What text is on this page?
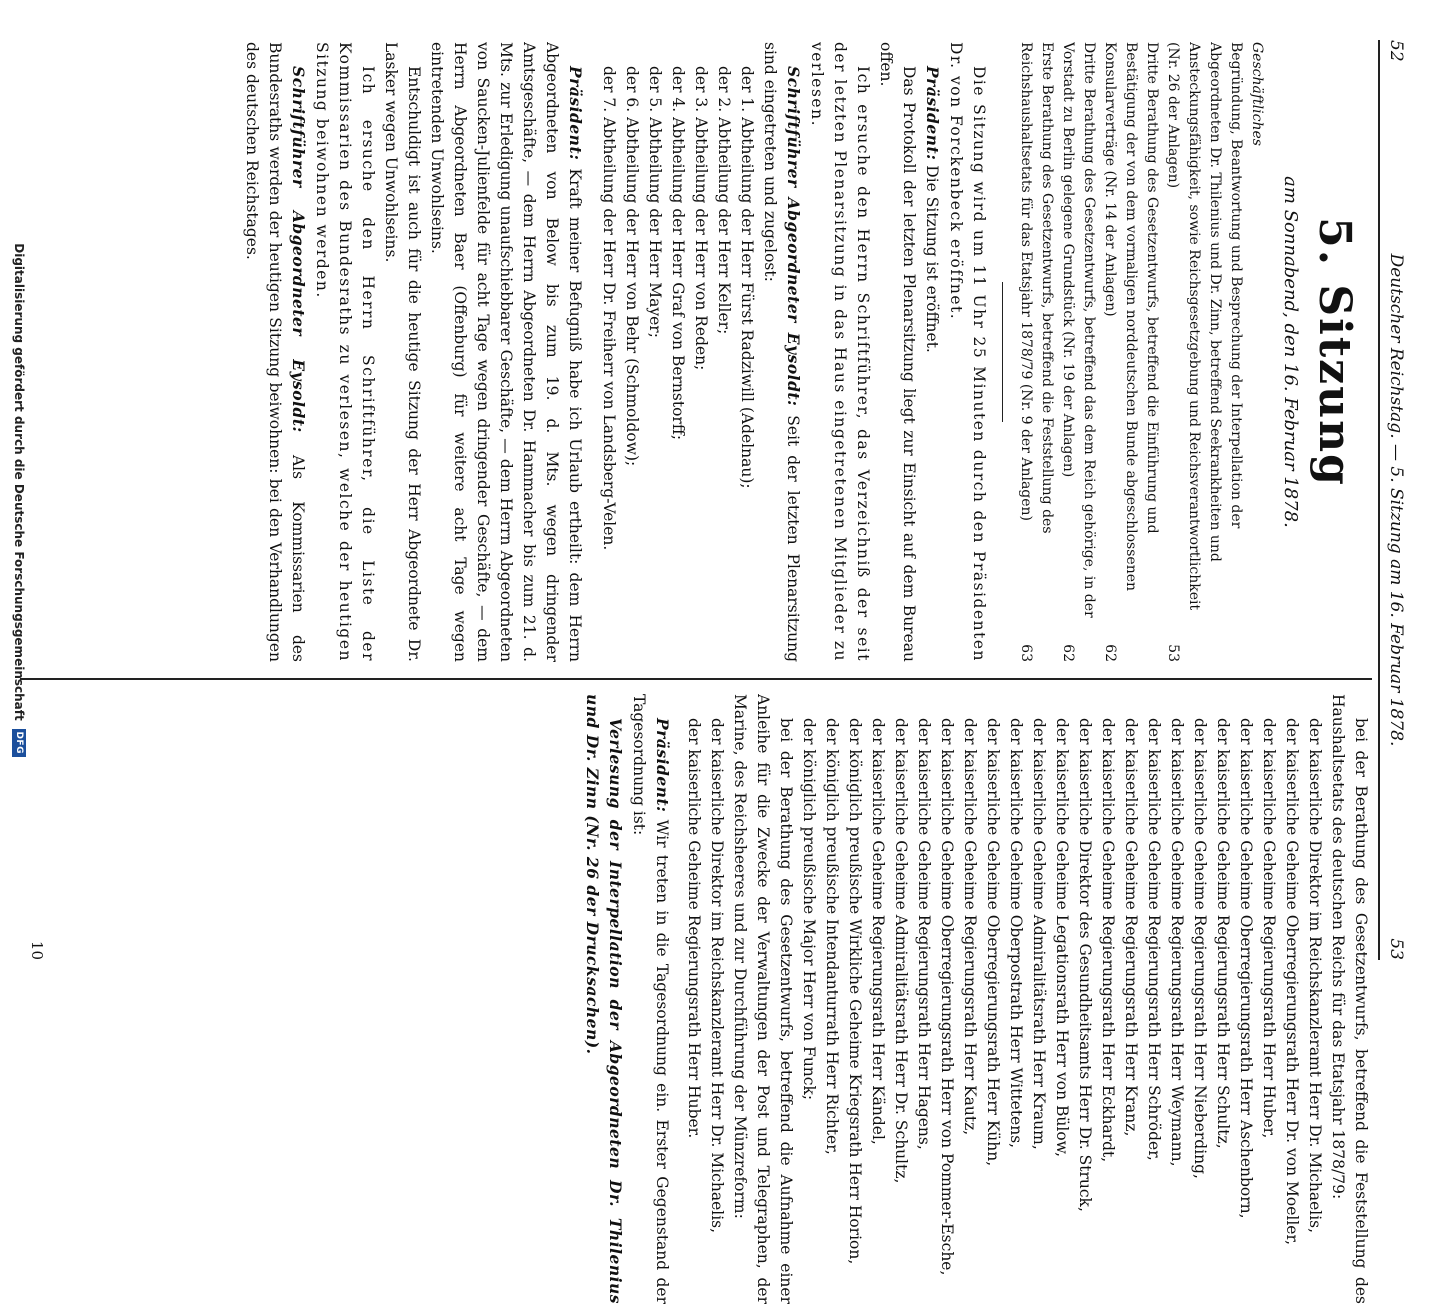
52
Deutscher Reichstag. — 5. Sitzung am 16. Februar 1878.
53
5. Sitzung
am Sonnabend, den 16. Februar 1878.
Geschäftliches
Begründung, Beantwortung und Besprechung der Interpellation der Abgeordneten Dr. Thilenius und Dr. Zinn, betreffend Seekrankheiten und Ansteckungsfähigkeit, sowie Reichsgesetzgebung und Reichsverantwortlichkeit (Nr. 26 der Anlagen)
53
Dritte Berathung des Gesetzentwurfs, betreffend die Einführung und Bestätigung der von dem vormaligen norddeutschen Bunde abgeschlossenen Konsularverträge (Nr. 14 der Anlagen)
62
Dritte Berathung des Gesetzentwurfs, betreffend das dem Reich gehörige, in der Vorstadt zu Berlin gelegene Grundstück (Nr. 19 der Anlagen)
62
Erste Berathung des Gesetzentwurfs, betreffend die Feststellung des Reichshaushaltsetats für das Etatsjahr 1878/79 (Nr. 9 der Anlagen)
63

Die Sitzung wird um 11 Uhr 25 Minuten durch den Präsidenten Dr. von Forckenbeck eröffnet.

Präsident: Die Sitzung ist eröffnet.

Das Protokoll der letzten Plenarsitzung liegt zur Einsicht auf dem Bureau offen.

Ich ersuche den Herrn Schriftführer, das Verzeichniß der seit der letzten Plenarsitzung in das Haus eingetretenen Mitglieder zu verlesen.

Schriftführer Abgeordneter Eysoldt: Seit der letzten Plenarsitzung sind eingetreten und zugelost:

der 1. Abtheilung der Herr Fürst Radziwill (Adelnau);

der 2. Abtheilung der Herr Keller;

der 3. Abtheilung der Herr von Reden;

der 4. Abtheilung der Herr Graf von Bernstorff;

der 5. Abtheilung der Herr Mayer;

der 6. Abtheilung der Herr von Behr (Schmoldow);

der 7. Abtheilung der Herr Dr. Freiherr von Landsberg-Velen.

Präsident: Kraft meiner Befugniß habe ich Urlaub ertheilt: dem Herrn Abgeordneten von Below bis zum 19. d. Mts. wegen dringender Amtsgeschäfte, — dem Herrn Abgeordneten Dr. Hammacher bis zum 21. d. Mts. zur Erledigung unaufschiebbarer Geschäfte, — dem Herrn Abgeordneten von Saucken-Julienfelde für acht Tage wegen dringender Geschäfte, — dem Herrn Abgeordneten Baer (Offenburg) für weitere acht Tage wegen eintretenden Unwohlseins.

Entschuldigt ist auch für die heutige Sitzung der Herr Abgeordnete Dr. Lasker wegen Unwohlseins.

Ich ersuche den Herrn Schriftführer, die Liste der Kommissarien des Bundesraths zu verlesen, welche der heutigen Sitzung beiwohnen werden.

Schriftführer Abgeordneter Eysoldt: Als Kommissarien des Bundesraths werden der heutigen Sitzung beiwohnen: bei den Verhandlungen des deutschen Reichstages.

bei der Berathung des Gesetzentwurfs, betreffend die Feststellung des Haushaltsetats des deutschen Reichs für das Etatsjahr 1878/79:

der kaiserliche Direktor im Reichskanzleramt Herr Dr. Michaelis,

der kaiserliche Geheime Oberregierungsrath Herr Dr. von Moeller,

der kaiserliche Geheime Regierungsrath Herr Huber,

der kaiserliche Geheime Oberregierungsrath Herr Aschenborn,

der kaiserliche Geheime Regierungsrath Herr Schultz,

der kaiserliche Geheime Regierungsrath Herr Nieberding,

der kaiserliche Geheime Regierungsrath Herr Weymann,

der kaiserliche Geheime Regierungsrath Herr Schröder,

der kaiserliche Geheime Regierungsrath Herr Kranz,

der kaiserliche Geheime Regierungsrath Herr Eckhardt,

der kaiserliche Direktor des Gesundheitsamts Herr Dr. Struck,

der kaiserliche Geheime Legationsrath Herr von Bülow,

der kaiserliche Geheime Admiralitätsrath Herr Kraum,

der kaiserliche Geheime Oberpostrath Herr Wittetens,

der kaiserliche Geheime Oberregierungsrath Herr Kühn,

der kaiserliche Geheime Regierungsrath Herr Kautz,

der kaiserliche Geheime Oberregierungsrath Herr von Pommer-Esche,

der kaiserliche Geheime Regierungsrath Herr Hagens,

der kaiserliche Geheime Admiralitätsrath Herr Dr. Schultz,

der kaiserliche Geheime Regierungsrath Herr Kändel,

der königlich preußische Wirkliche Geheime Kriegsrath Herr Horion,

der königlich preußische Intendanturrath Herr Richter,

der königlich preußische Major Herr von Funck;

bei der Berathung des Gesetzentwurfs, betreffend die Aufnahme einer Anleihe für die Zwecke der Verwaltungen der Post und Telegraphen, der Marine, des Reichsheeres und zur Durchführung der Münzreform:

der kaiserliche Direktor im Reichskanzleramt Herr Dr. Michaelis,

der kaiserliche Geheime Regierungsrath Herr Huber.

Präsident: Wir treten in die Tagesordnung ein. Erster Gegenstand der Tagesordnung ist:

Verlesung der Interpellation der Abgeordneten Dr. Thilenius und Dr. Zinn (Nr. 26 der Drucksachen).

10
Digitalisierung gefördert durch die Deutsche Forschungsgemeinschaft
DFG
